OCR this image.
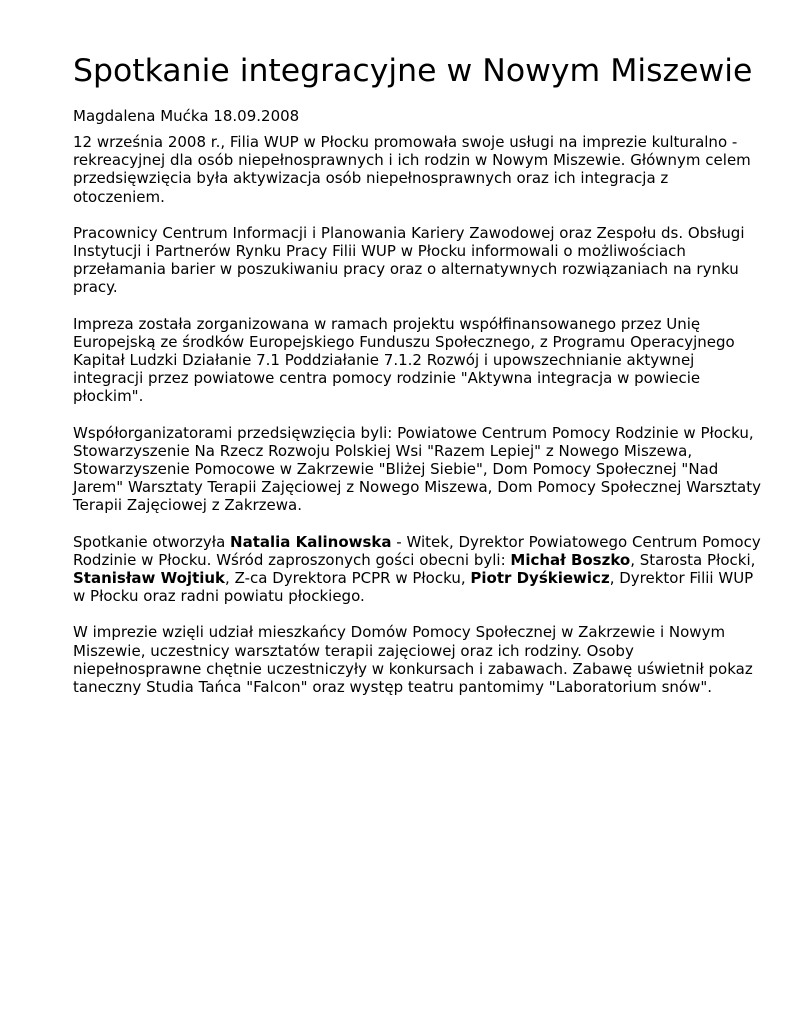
Spotkanie integracyjne w Nowym Miszewie

Magdalena Mućka 18.09.2008

12 września 2008 r., Filia WUP w Płocku promowała swoje usługi na imprezie kulturalno - rekreacyjnej dla osób niepełnosprawnych i ich rodzin w Nowym Miszewie. Głównym celem przedsięwzięcia była aktywizacja osób niepełnosprawnych oraz ich integracja z otoczeniem.

Pracownicy Centrum Informacji i Planowania Kariery Zawodowej oraz Zespołu ds. Obsługi Instytucji i Partnerów Rynku Pracy Filii WUP w Płocku informowali o możliwościach przełamania barier w poszukiwaniu pracy oraz o alternatywnych rozwiązaniach na rynku pracy.

Impreza została zorganizowana w ramach projektu współfinansowanego przez Unię Europejską ze środków Europejskiego Funduszu Społecznego, z Programu Operacyjnego Kapitał Ludzki Działanie 7.1 Poddziałanie 7.1.2 Rozwój i upowszechnianie aktywnej integracji przez powiatowe centra pomocy rodzinie "Aktywna integracja w powiecie płockim".

Współorganizatorami przedsięwzięcia byli: Powiatowe Centrum Pomocy Rodzinie w Płocku, Stowarzyszenie Na Rzecz Rozwoju Polskiej Wsi "Razem Lepiej" z Nowego Miszewa, Stowarzyszenie Pomocowe w Zakrzewie "Bliżej Siebie", Dom Pomocy Społecznej "Nad Jarem" Warsztaty Terapii Zajęciowej z Nowego Miszewa, Dom Pomocy Społecznej Warsztaty Terapii Zajęciowej z Zakrzewa.

Spotkanie otworzyła Natalia Kalinowska - Witek, Dyrektor Powiatowego Centrum Pomocy Rodzinie w Płocku. Wśród zaproszonych gości obecni byli: Michał Boszko, Starosta Płocki, Stanisław Wojtiuk, Z-ca Dyrektora PCPR w Płocku, Piotr Dyśkiewicz, Dyrektor Filii WUP w Płocku oraz radni powiatu płockiego.

W imprezie wzięli udział mieszkańcy Domów Pomocy Społecznej w Zakrzewie i Nowym Miszewie, uczestnicy warsztatów terapii zajęciowej oraz ich rodziny. Osoby niepełnosprawne chętnie uczestniczyły w konkursach i zabawach. Zabawę uświetnił pokaz taneczny Studia Tańca "Falcon" oraz występ teatru pantomimy "Laboratorium snów".
